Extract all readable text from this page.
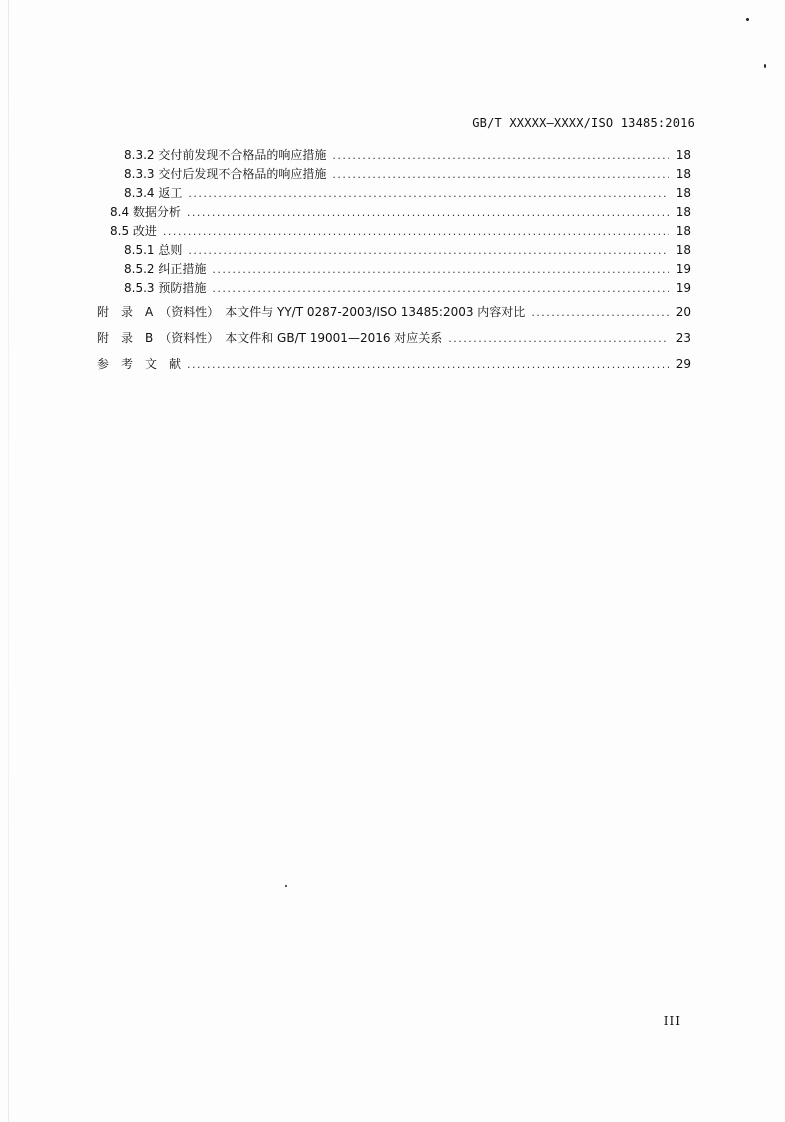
GB/T XXXXX—XXXX/ISO 13485:2016
8.3.2 交付前发现不合格品的响应措施 .....	18
8.3.3 交付后发现不合格品的响应措施 .....	18
8.3.4 返工 .....	18
8.4 数据分析 .....	18
8.5 改进 .....	18
8.5.1 总则 .....	18
8.5.2 纠正措施 .....	19
8.5.3 预防措施 .....	19
附　录　A　（资料性）　本文件与 YY/T 0287-2003/ISO 13485:2003 内容对比 .....	20
附　录　B　（资料性）　本文件和 GB/T 19001—2016 对应关系 .....	23
参　考　文　献 .....	29
III
